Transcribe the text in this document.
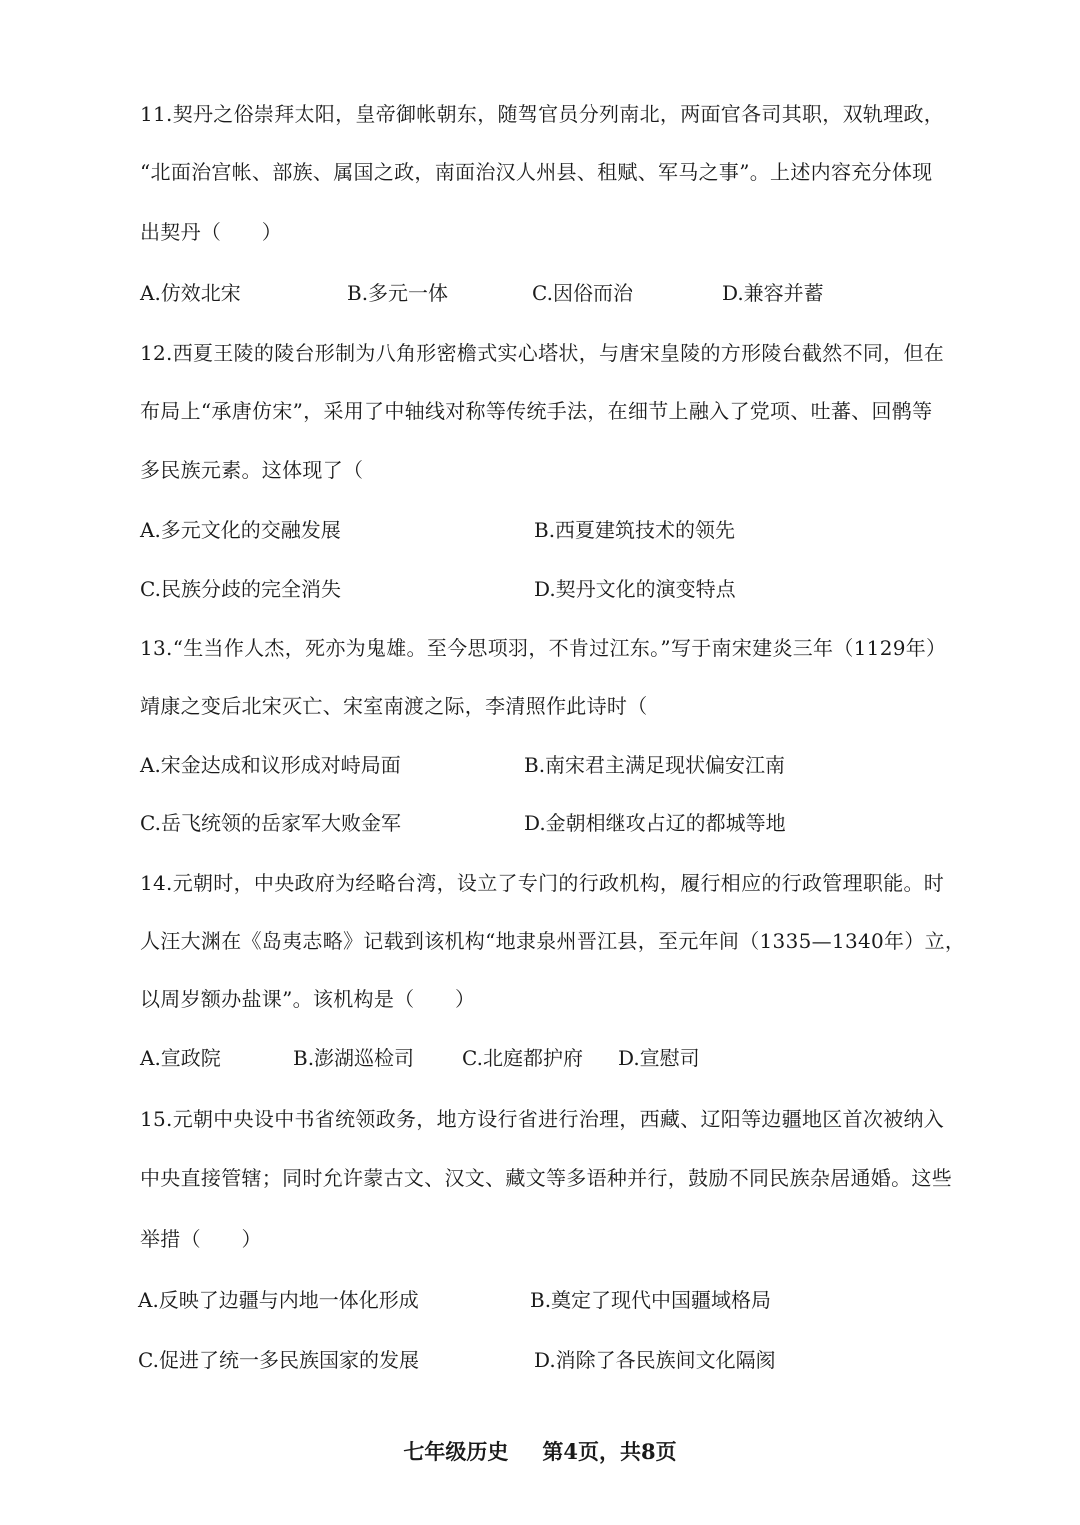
11.契丹之俗崇拜太阳，皇帝御帐朝东，随驾官员分列南北，两面官各司其职，双轨理政，
“北面治宫帐、部族、属国之政，南面治汉人州县、租赋、军马之事”。上述内容充分体现
出契丹（　　）
A.仿效北宋	B.多元一体	C.因俗而治	D.兼容并蓄
12.西夏王陵的陵台形制为八角形密檐式实心塔状，与唐宋皇陵的方形陵台截然不同，但在
布局上“承唐仿宋”，采用了中轴线对称等传统手法，在细节上融入了党项、吐蕃、回鹘等
多民族元素。这体现了（
A.多元文化的交融发展	B.西夏建筑技术的领先
C.民族分歧的完全消失	D.契丹文化的演变特点
13.“生当作人杰，死亦为鬼雄。至今思项羽，不肯过江东。”写于南宋建炎三年（1129年）
靖康之变后北宋灭亡、宋室南渡之际，李清照作此诗时（
A.宋金达成和议形成对峙局面	B.南宋君主满足现状偏安江南
C.岳飞统领的岳家军大败金军	D.金朝相继攻占辽的都城等地
14.元朝时，中央政府为经略台湾，设立了专门的行政机构，履行相应的行政管理职能。时
人汪大渊在《岛夷志略》记载到该机构“地隶泉州晋江县，至元年间（1335—1340年）立，
以周岁额办盐课”。该机构是（　　）
A.宣政院	B.澎湖巡检司 C.北庭都护府 D.宣慰司
15.元朝中央设中书省统领政务，地方设行省进行治理，西藏、辽阳等边疆地区首次被纳入
中央直接管辖；同时允许蒙古文、汉文、藏文等多语种并行，鼓励不同民族杂居通婚。这些
举措（　　）
A.反映了边疆与内地一体化形成	B.奠定了现代中国疆域格局
C.促进了统一多民族国家的发展	D.消除了各民族间文化隔阂
七年级历史 第4页，共8页
